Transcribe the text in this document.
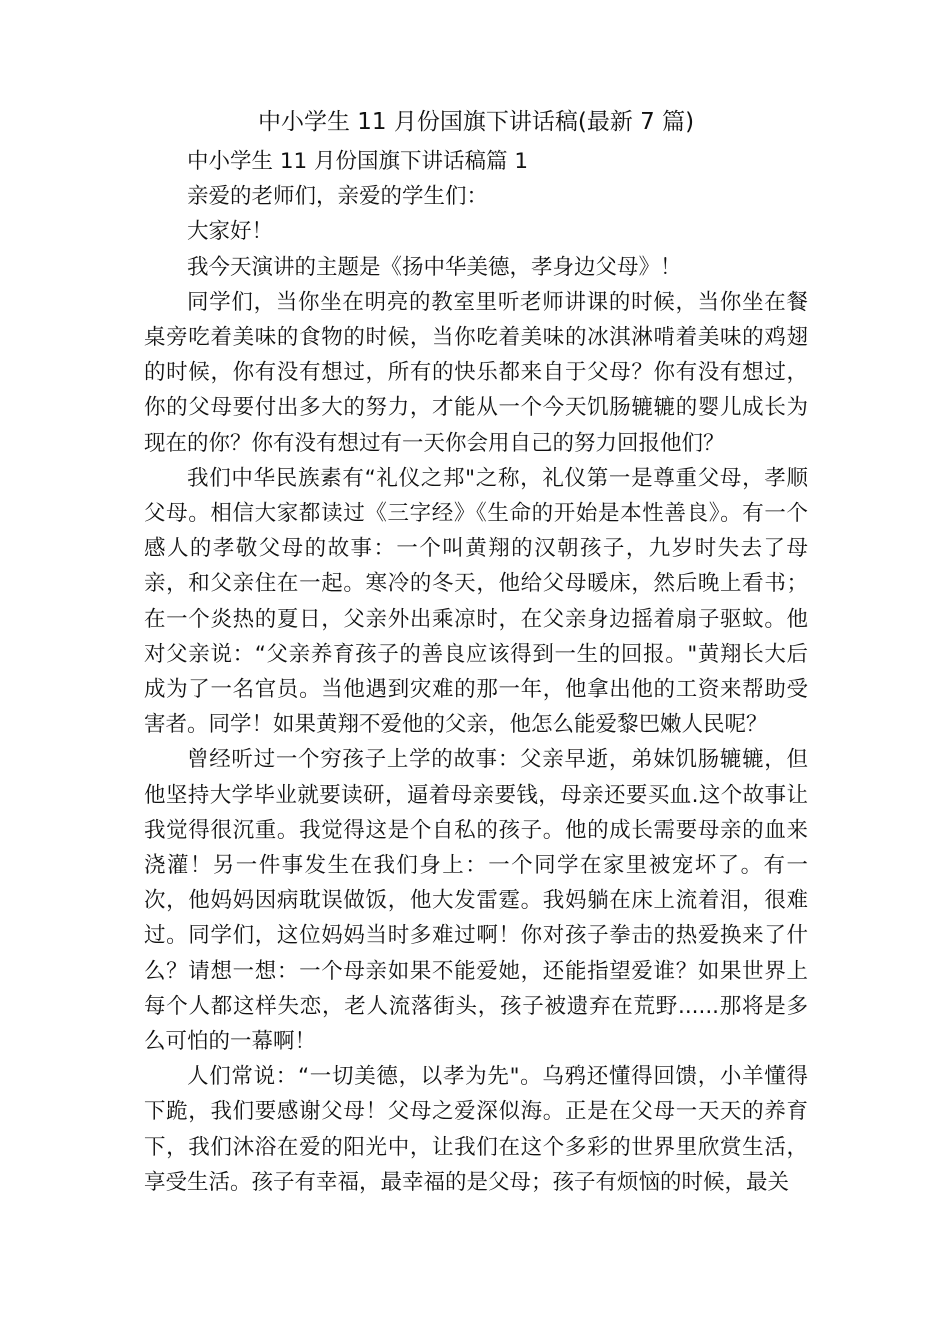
中小学生 11 月份国旗下讲话稿(最新 7 篇)

中小学生 11 月份国旗下讲话稿篇 1

亲爱的老师们，亲爱的学生们：

大家好！

我今天演讲的主题是《扬中华美德，孝身边父母》！

同学们，当你坐在明亮的教室里听老师讲课的时候，当你坐在餐桌旁吃着美味的食物的时候，当你吃着美味的冰淇淋啃着美味的鸡翅的时候，你有没有想过，所有的快乐都来自于父母？你有没有想过，你的父母要付出多大的努力，才能从一个今天饥肠辘辘的婴儿成长为现在的你？你有没有想过有一天你会用自己的努力回报他们？

我们中华民族素有“礼仪之邦"之称，礼仪第一是尊重父母，孝顺父母。相信大家都读过《三字经》《生命的开始是本性善良》。有一个感人的孝敬父母的故事：一个叫黄翔的汉朝孩子，九岁时失去了母亲，和父亲住在一起。寒冷的冬天，他给父母暖床，然后晚上看书；在一个炎热的夏日，父亲外出乘凉时，在父亲身边摇着扇子驱蚊。他对父亲说：“父亲养育孩子的善良应该得到一生的回报。"黄翔长大后成为了一名官员。当他遇到灾难的那一年，他拿出他的工资来帮助受害者。同学！如果黄翔不爱他的父亲，他怎么能爱黎巴嫩人民呢？

曾经听过一个穷孩子上学的故事：父亲早逝，弟妹饥肠辘辘，但他坚持大学毕业就要读研，逼着母亲要钱，母亲还要买血.这个故事让我觉得很沉重。我觉得这是个自私的孩子。他的成长需要母亲的血来浇灌！另一件事发生在我们身上：一个同学在家里被宠坏了。有一次，他妈妈因病耽误做饭，他大发雷霆。我妈躺在床上流着泪，很难过。同学们，这位妈妈当时多难过啊！你对孩子拳击的热爱换来了什么？请想一想：一个母亲如果不能爱她，还能指望爱谁？如果世界上每个人都这样失恋，老人流落街头，孩子被遗弃在荒野......那将是多么可怕的一幕啊！

人们常说：“一切美德，以孝为先"。乌鸦还懂得回馈，小羊懂得下跪，我们要感谢父母！父母之爱深似海。正是在父母一天天的养育下，我们沐浴在爱的阳光中，让我们在这个多彩的世界里欣赏生活，享受生活。孩子有幸福，最幸福的是父母；孩子有烦恼的时候，最关
